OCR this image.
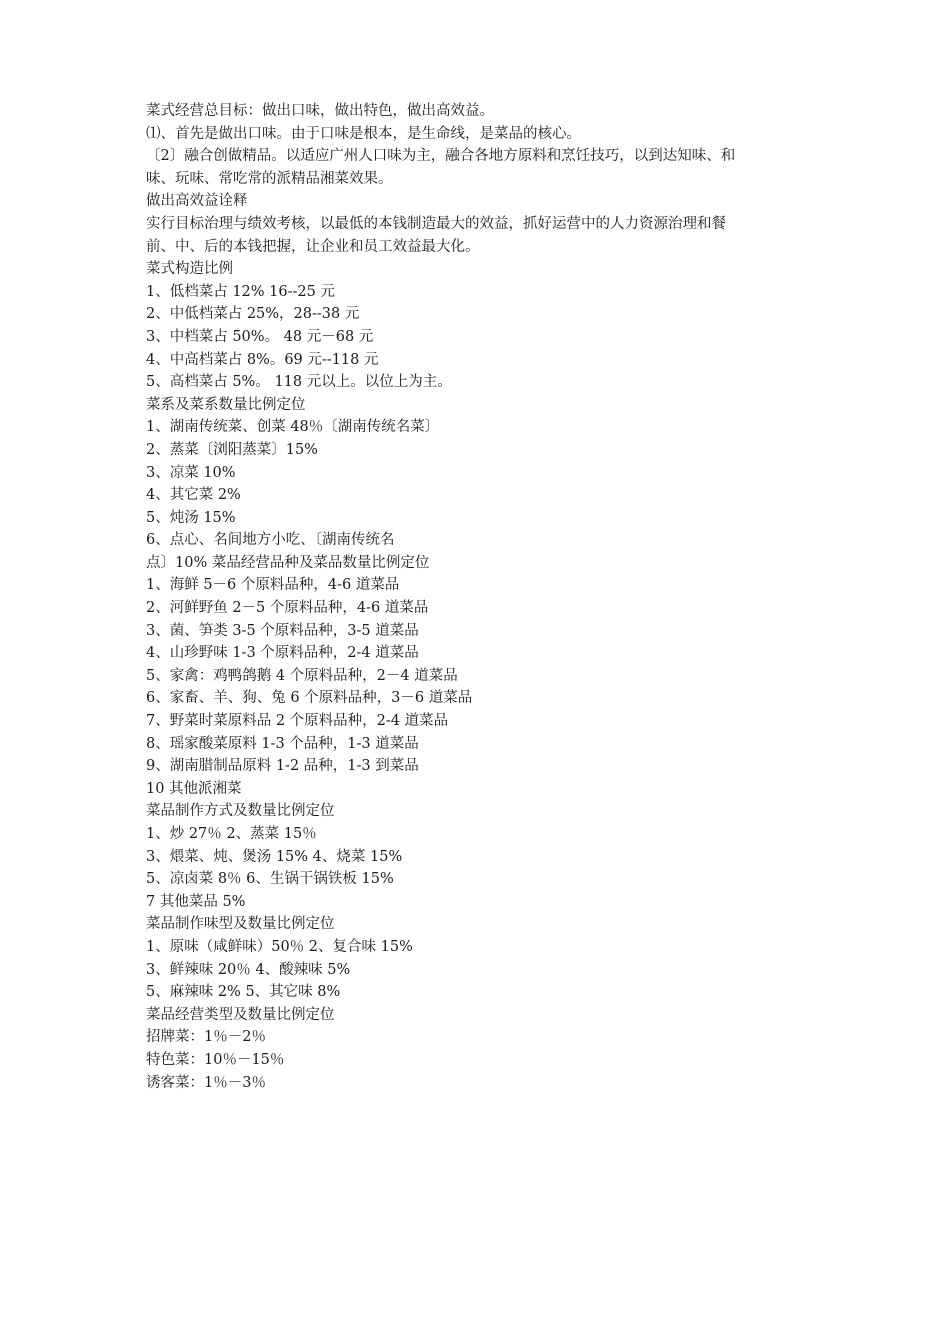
菜式经营总目标：做出口味，做出特色，做出高效益。
⑴、首先是做出口味。由于口味是根本，是生命线，是菜品的核心。
〔2〕融合创做精品。以适应广州人口味为主，融合各地方原料和烹饪技巧，以到达知味、和
味、玩味、常吃常的派精品湘菜效果。
做出高效益诠释
实行目标治理与绩效考核，以最低的本钱制造最大的效益，抓好运营中的人力资源治理和餐
前、中、后的本钱把握，让企业和员工效益最大化。
菜式构造比例
1、低档菜占 12% 16--25 元
2、中低档菜占 25%，28--38 元
3、中档菜占 50%。 48 元－68 元
4、中高档菜占 8%。69 元--118 元
5、高档菜占 5%。 118 元以上。以位上为主。
菜系及菜系数量比例定位
1、湖南传统菜、创菜 48％〔湖南传统名菜〕
2、蒸菜〔浏阳蒸菜〕15%
3、凉菜 10%
4、其它菜 2%
5、炖汤 15%
6、点心、名间地方小吃、〔湖南传统名
点〕10% 菜品经营品种及菜品数量比例定位
1、海鲜 5－6 个原料品种，4-6 道菜品
2、河鲜野鱼 2－5 个原料品种，4-6 道菜品
3、菌、笋类 3-5 个原料品种，3-5 道菜品
4、山珍野味 1-3 个原料品种，2-4 道菜品
5、家禽：鸡鸭鸽鹅 4 个原料品种，2－4 道菜品
6、家畜、羊、狗、兔 6 个原料品种，3－6 道菜品
7、野菜时菜原料品 2 个原料品种，2-4 道菜品
8、瑶家酸菜原料 1-3 个品种，1-3 道菜品
9、湖南腊制品原料 1-2 品种，1-3 到菜品
10 其他派湘菜
菜品制作方式及数量比例定位
1、炒 27％ 2、蒸菜 15％
3、煨菜、炖、煲汤 15% 4、烧菜 15%
5、凉卤菜 8％ 6、生锅干锅铁板 15%
7 其他菜品 5%
菜品制作味型及数量比例定位
1、原味（咸鲜味）50％ 2、复合味 15%
3、鲜辣味 20％ 4、酸辣味 5%
5、麻辣味 2% 5、其它味 8%
菜品经营类型及数量比例定位
招牌菜：1％－2％
特色菜：10％－15％
诱客菜：1％－3％
